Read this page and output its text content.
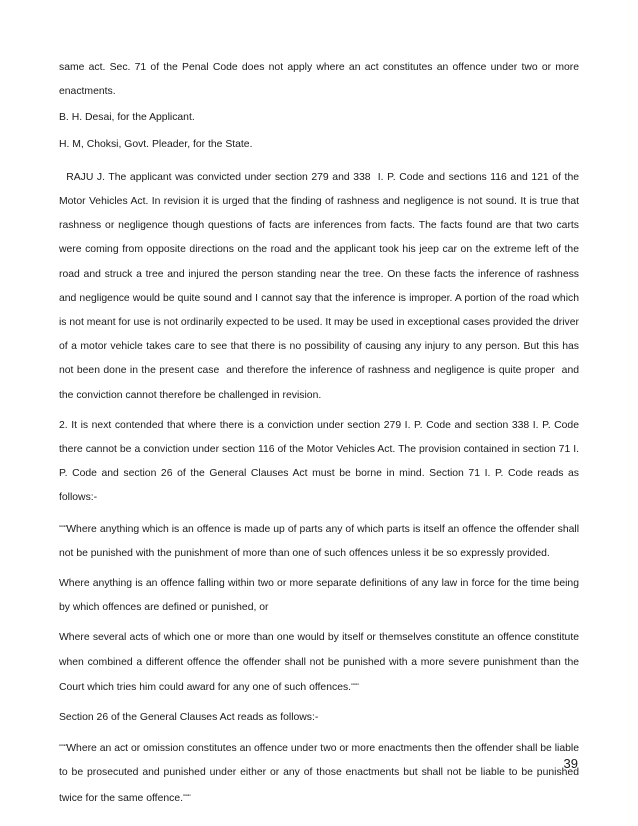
same act. Sec. 71 of the Penal Code does not apply where an act constitutes an offence under two or more enactments.

B. H. Desai, for the Applicant.

H. M, Choksi, Govt. Pleader, for the State.

RAJU J. The applicant was convicted under section 279 and 338  I. P. Code and sections 116 and 121 of the Motor Vehicles Act. In revision it is urged that the finding of rashness and negligence is not sound. It is true that rashness or negligence though questions of facts are inferences from facts. The facts found are that two carts were coming from opposite directions on the road and the applicant took his jeep car on the extreme left of the road and struck a tree and injured the person standing near the tree. On these facts the inference of rashness and negligence would be quite sound and I cannot say that the inference is improper. A portion of the road which is not meant for use is not ordinarily expected to be used. It may be used in exceptional cases provided the driver of a motor vehicle takes care to see that there is no possibility of causing any injury to any person. But this has not been done in the present case  and therefore the inference of rashness and negligence is quite proper  and the conviction cannot therefore be challenged in revision.

2. It is next contended that where there is a conviction under section 279 I. P. Code and section 338 I. P. Code there cannot be a conviction under section 116 of the Motor Vehicles Act. The provision contained in section 71 I. P. Code and section 26 of the General Clauses Act must be borne in mind. Section 71 I. P. Code reads as follows:-

""""Where anything which is an offence is made up of parts any of which parts is itself an offence the offender shall not be punished with the punishment of more than one of such offences unless it be so expressly provided.

Where anything is an offence falling within two or more separate definitions of any law in force for the time being by which offences are defined or punished, or

Where several acts of which one or more than one would by itself or themselves constitute an offence constitute when combined a different offence the offender shall not be punished with a more severe punishment than the Court which tries him could award for any one of such offences.""""

Section 26 of the General Clauses Act reads as follows:-

""""Where an act or omission constitutes an offence under two or more enactments then the offender shall be liable to be prosecuted and punished under either or any of those enactments but shall not be liable to be punished twice for the same offence.""""

39
